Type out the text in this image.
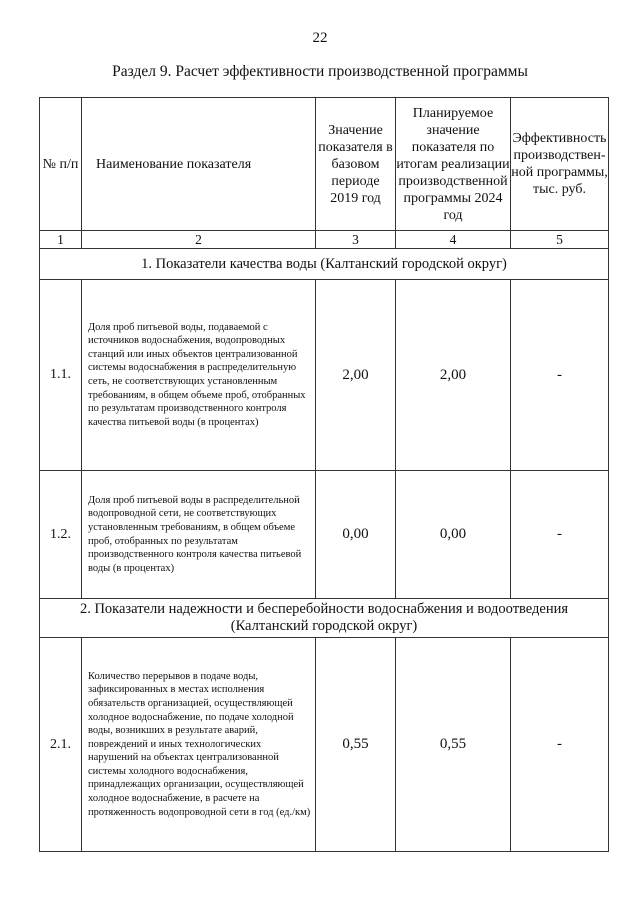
22
Раздел 9. Расчет эффективности производственной программы
№ п/п	Наименование показателя	Значение показателя в базовом периоде 2019 год	Планируемое значение показателя по итогам реализации производственной программы 2024 год	Эффективность производствен-ной программы, тыс. руб.
1	2	3	4	5
1. Показатели качества воды (Калтанский городской округ)				
1.1.	Доля проб питьевой воды, подаваемой с источников водоснабжения, водопроводных станций или иных объектов централизованной системы водоснабжения в распределительную сеть, не соответствующих установленным требованиям, в общем объеме проб, отобранных по результатам производственного контроля качества питьевой воды (в процентах)	2,00	2,00	-
1.2.	Доля проб питьевой воды в распределительной водопроводной сети, не соответствующих установленным требованиям, в общем объеме проб, отобранных по результатам производственного контроля качества питьевой воды (в процентах)	0,00	0,00	-
2. Показатели надежности и бесперебойности водоснабжения и водоотведения (Калтанский городской округ)				
2.1.	Количество перерывов в подаче воды, зафиксированных в местах исполнения обязательств организацией, осуществляющей холодное водоснабжение, по подаче холодной воды, возникших в результате аварий, повреждений и иных технологических нарушений на объектах централизованной системы холодного водоснабжения, принадлежащих организации, осуществляющей холодное водоснабжение, в расчете на протяженность водопроводной сети в год (ед./км)	0,55	0,55	-
